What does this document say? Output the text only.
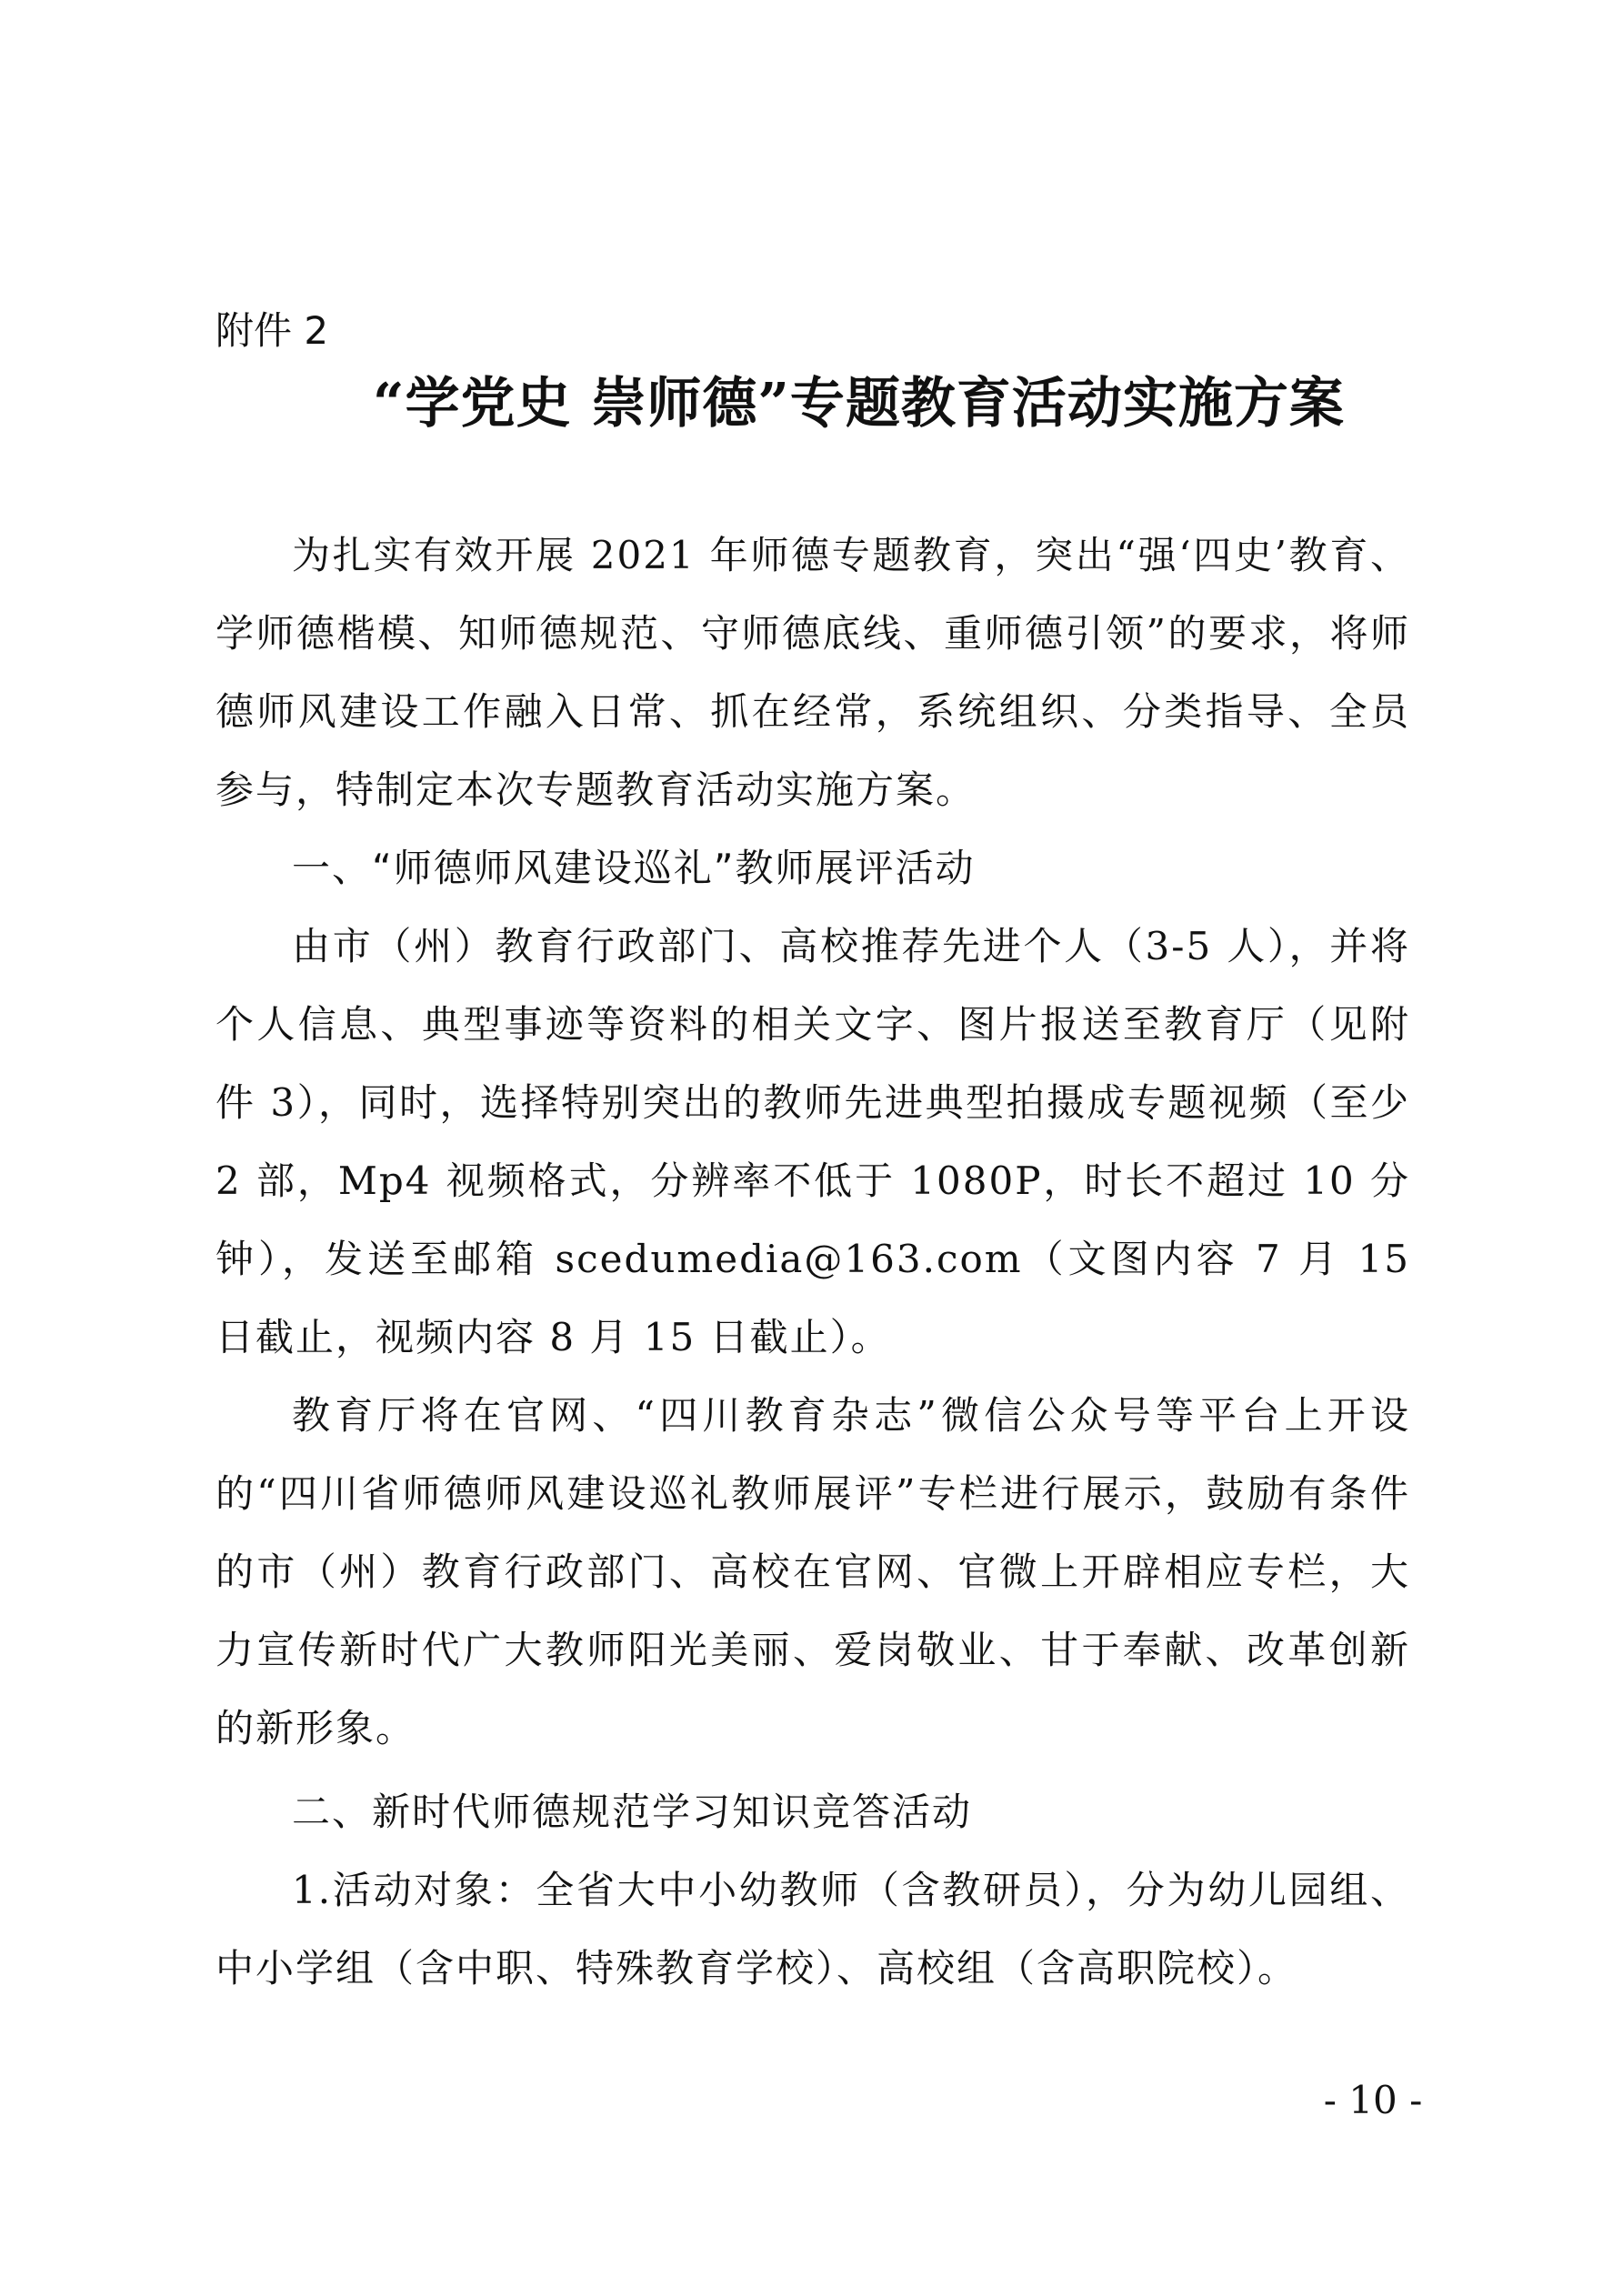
附件 2
“学党史 崇师德”专题教育活动实施方案

为扎实有效开展 2021 年师德专题教育，突出“强‘四史’教育、学师德楷模、知师德规范、守师德底线、重师德引领”的要求，将师德师风建设工作融入日常、抓在经常，系统组织、分类指导、全员参与，特制定本次专题教育活动实施方案。

一、“师德师风建设巡礼”教师展评活动

由市（州）教育行政部门、高校推荐先进个人（3-5 人），并将个人信息、典型事迹等资料的相关文字、图片报送至教育厅（见附件 3），同时，选择特别突出的教师先进典型拍摄成专题视频（至少 2 部，Mp4 视频格式，分辨率不低于 1080P，时长不超过 10 分钟），发送至邮箱 scedumedia@163.com（文图内容 7 月 15 日截止，视频内容 8 月 15 日截止）。

教育厅将在官网、“四川教育杂志”微信公众号等平台上开设的“四川省师德师风建设巡礼教师展评”专栏进行展示，鼓励有条件的市（州）教育行政部门、高校在官网、官微上开辟相应专栏，大力宣传新时代广大教师阳光美丽、爱岗敬业、甘于奉献、改革创新的新形象。

二、新时代师德规范学习知识竞答活动

1.活动对象：全省大中小幼教师（含教研员），分为幼儿园组、中小学组（含中职、特殊教育学校）、高校组（含高职院校）。

- 10 -
